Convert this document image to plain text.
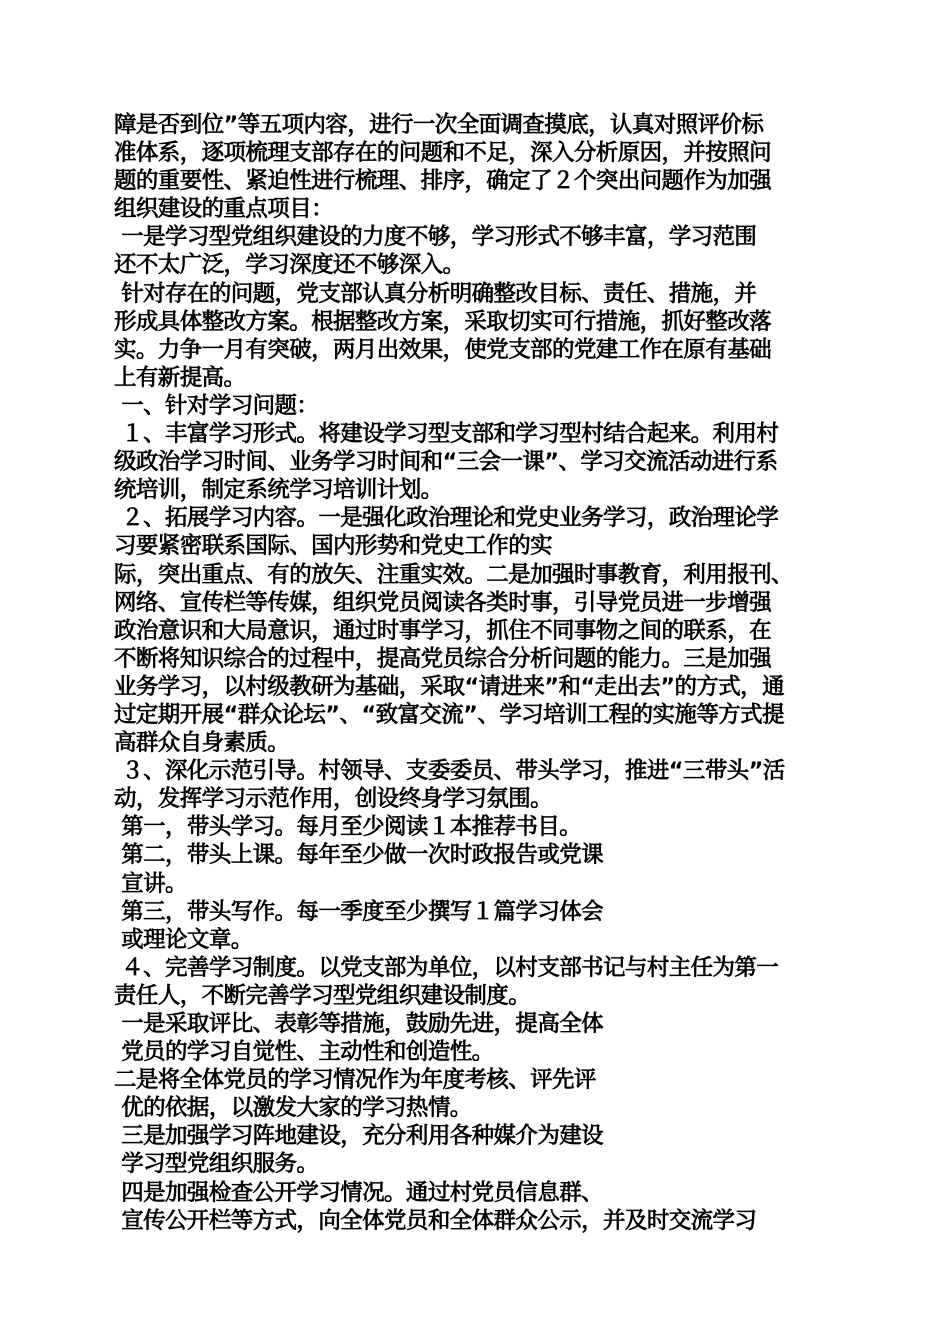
障是否到位”等五项内容，进行一次全面调查摸底，认真对照评价标
准体系，逐项梳理支部存在的问题和不足，深入分析原因，并按照问
题的重要性、紧迫性进行梳理、排序，确定了２个突出问题作为加强
组织建设的重点项目：
一是学习型党组织建设的力度不够，学习形式不够丰富，学习范围
还不太广泛，学习深度还不够深入。
针对存在的问题，党支部认真分析明确整改目标、责任、措施，并
形成具体整改方案。根据整改方案，采取切实可行措施，抓好整改落
实。力争一月有突破，两月出效果，使党支部的党建工作在原有基础
上有新提高。
一、针对学习问题：
１、丰富学习形式。将建设学习型支部和学习型村结合起来。利用村
级政治学习时间、业务学习时间和“三会一课”、学习交流活动进行系
统培训，制定系统学习培训计划。
２、拓展学习内容。一是强化政治理论和党史业务学习，政治理论学
习要紧密联系国际、国内形势和党史工作的实
际，突出重点、有的放矢、注重实效。二是加强时事教育，利用报刊、
网络、宣传栏等传媒，组织党员阅读各类时事，引导党员进一步增强
政治意识和大局意识，通过时事学习，抓住不同事物之间的联系，在
不断将知识综合的过程中，提高党员综合分析问题的能力。三是加强
业务学习，以村级教研为基础，采取“请进来”和“走出去”的方式，通
过定期开展“群众论坛”、“致富交流”、学习培训工程的实施等方式提
高群众自身素质。
３、深化示范引导。村领导、支委委员、带头学习，推进“三带头”活
动，发挥学习示范作用，创设终身学习氛围。
第一，带头学习。每月至少阅读１本推荐书目。
第二，带头上课。每年至少做一次时政报告或党课
宣讲。
第三，带头写作。每一季度至少撰写１篇学习体会
或理论文章。
４、完善学习制度。以党支部为单位，以村支部书记与村主任为第一
责任人，不断完善学习型党组织建设制度。
一是采取评比、表彰等措施，鼓励先进，提高全体
党员的学习自觉性、主动性和创造性。
二是将全体党员的学习情况作为年度考核、评先评
优的依据，以激发大家的学习热情。
三是加强学习阵地建设，充分利用各种媒介为建设
学习型党组织服务。
四是加强检查公开学习情况。通过村党员信息群、
宣传公开栏等方式，向全体党员和全体群众公示，并及时交流学习
